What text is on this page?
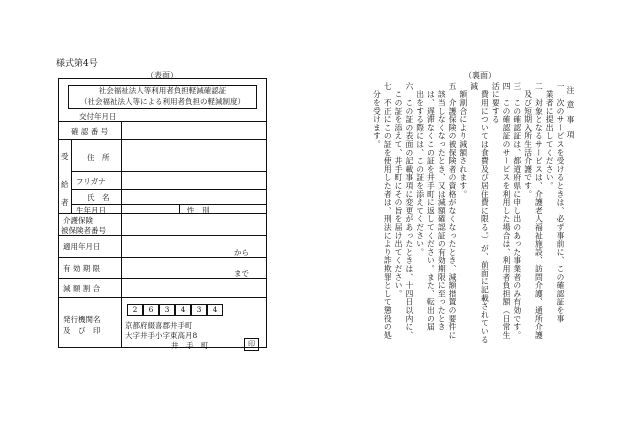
様式第4号
（表面）	（裏面）
社会福祉法人等利用者負担軽減確認証
（社会福祉法人等による利用者負担の軽減制度）
交付年月日
確 認 番 号
受
給
者
住　所
フリガナ
氏　名
生年月日	性　別
介護保険
被保険者番号
適用年月日
から
有 効 期 限
まで
減 額 割 合
発行機関名
及　び　印
2	6	3	4	3	4
京都府綴喜郡井手町
大字井手小字東高月8
井　手　町	印
注意事項
一　次のサービスを受けるときは、必ず事前に、この確認証を事
　業者に提出してください。
二　対象となるサービスは、介護老人福祉施設、訪問介護、通所介護
　及び短期入所生活介護です。
三　この確認証は、都道府県に申し出のあった事業者のみ有効です。
四　この確認証のサービスを利用した場合は、利用者負担額（日常生活に要する
　費用については食費及び居住費に限る。）が、前面に記載されている減
　額割合により減額されます。
五　介護保険の被保険者の資格がなくなったとき、減額措置の要件に
　該当しなくなったとき、又は減額確認証の有効期限に至ったとき
　は、遅滞なくこの証を井手町に返してください。また、転出の届
　出をする際には、この証を添えてください。
六　この証の表面の記載事項に変更があったときは、十四日以内に、
　この証を添えて、井手町にその旨を届け出てください。
七　不正にこの証を使用した者は、刑法により詐欺罪として懲役の処
　分を受けます。
